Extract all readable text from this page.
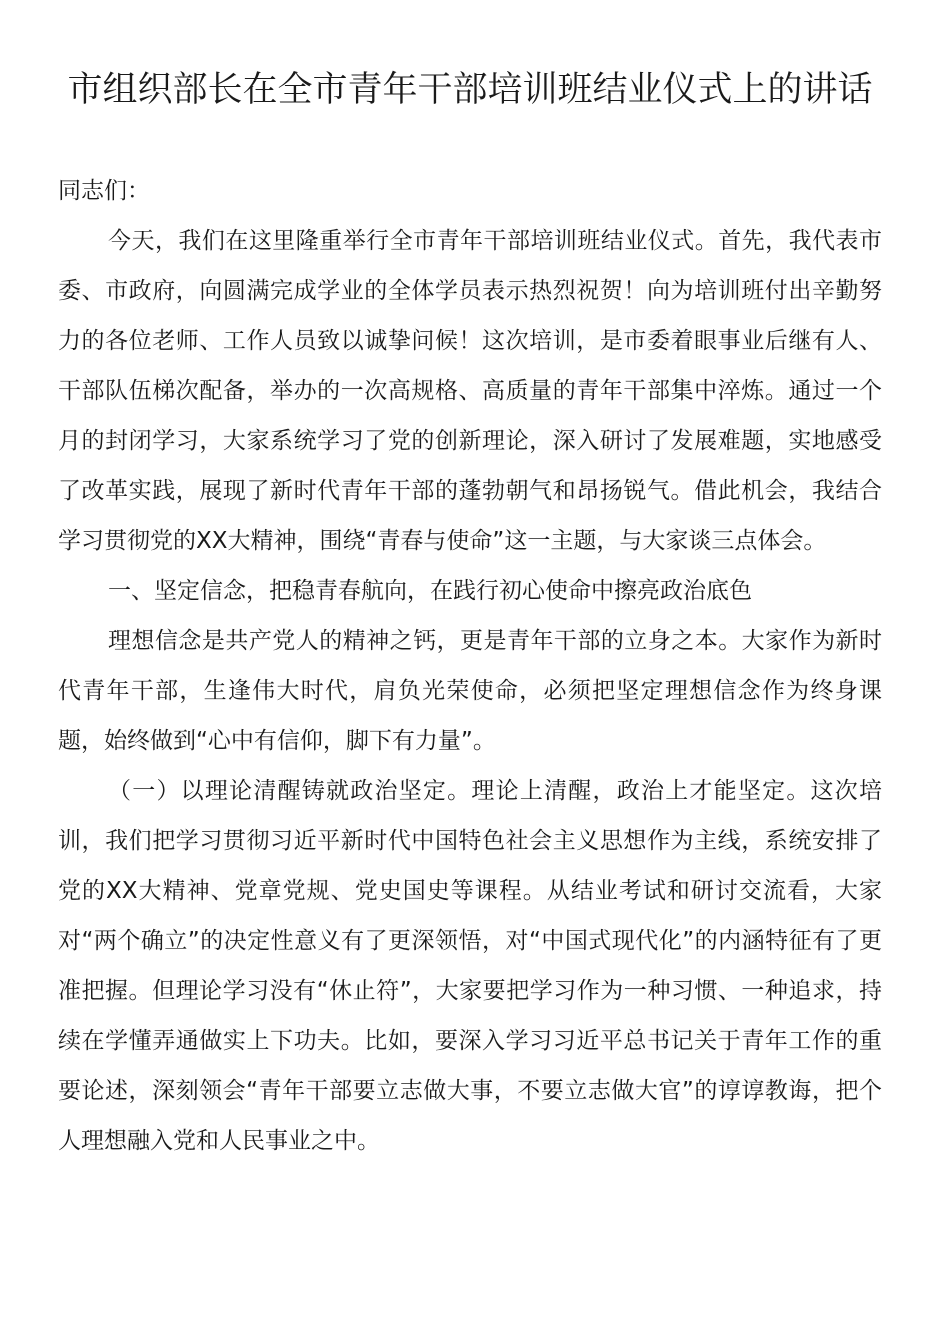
市组织部长在全市青年干部培训班结业仪式上的讲话

同志们：

今天，我们在这里隆重举行全市青年干部培训班结业仪式。首先，我代表市委、市政府，向圆满完成学业的全体学员表示热烈祝贺！向为培训班付出辛勤努力的各位老师、工作人员致以诚挚问候！这次培训，是市委着眼事业后继有人、干部队伍梯次配备，举办的一次高规格、高质量的青年干部集中淬炼。通过一个月的封闭学习，大家系统学习了党的创新理论，深入研讨了发展难题，实地感受了改革实践，展现了新时代青年干部的蓬勃朝气和昂扬锐气。借此机会，我结合学习贯彻党的XX大精神，围绕“青春与使命”这一主题，与大家谈三点体会。

一、坚定信念，把稳青春航向，在践行初心使命中擦亮政治底色

理想信念是共产党人的精神之钙，更是青年干部的立身之本。大家作为新时代青年干部，生逢伟大时代，肩负光荣使命，必须把坚定理想信念作为终身课题，始终做到“心中有信仰，脚下有力量”。

（一）以理论清醒铸就政治坚定。理论上清醒，政治上才能坚定。这次培训，我们把学习贯彻习近平新时代中国特色社会主义思想作为主线，系统安排了党的XX大精神、党章党规、党史国史等课程。从结业考试和研讨交流看，大家对“两个确立”的决定性意义有了更深领悟，对“中国式现代化”的内涵特征有了更准把握。但理论学习没有“休止符”，大家要把学习作为一种习惯、一种追求，持续在学懂弄通做实上下功夫。比如，要深入学习习近平总书记关于青年工作的重要论述，深刻领会“青年干部要立志做大事，不要立志做大官”的谆谆教诲，把个人理想融入党和人民事业之中。
